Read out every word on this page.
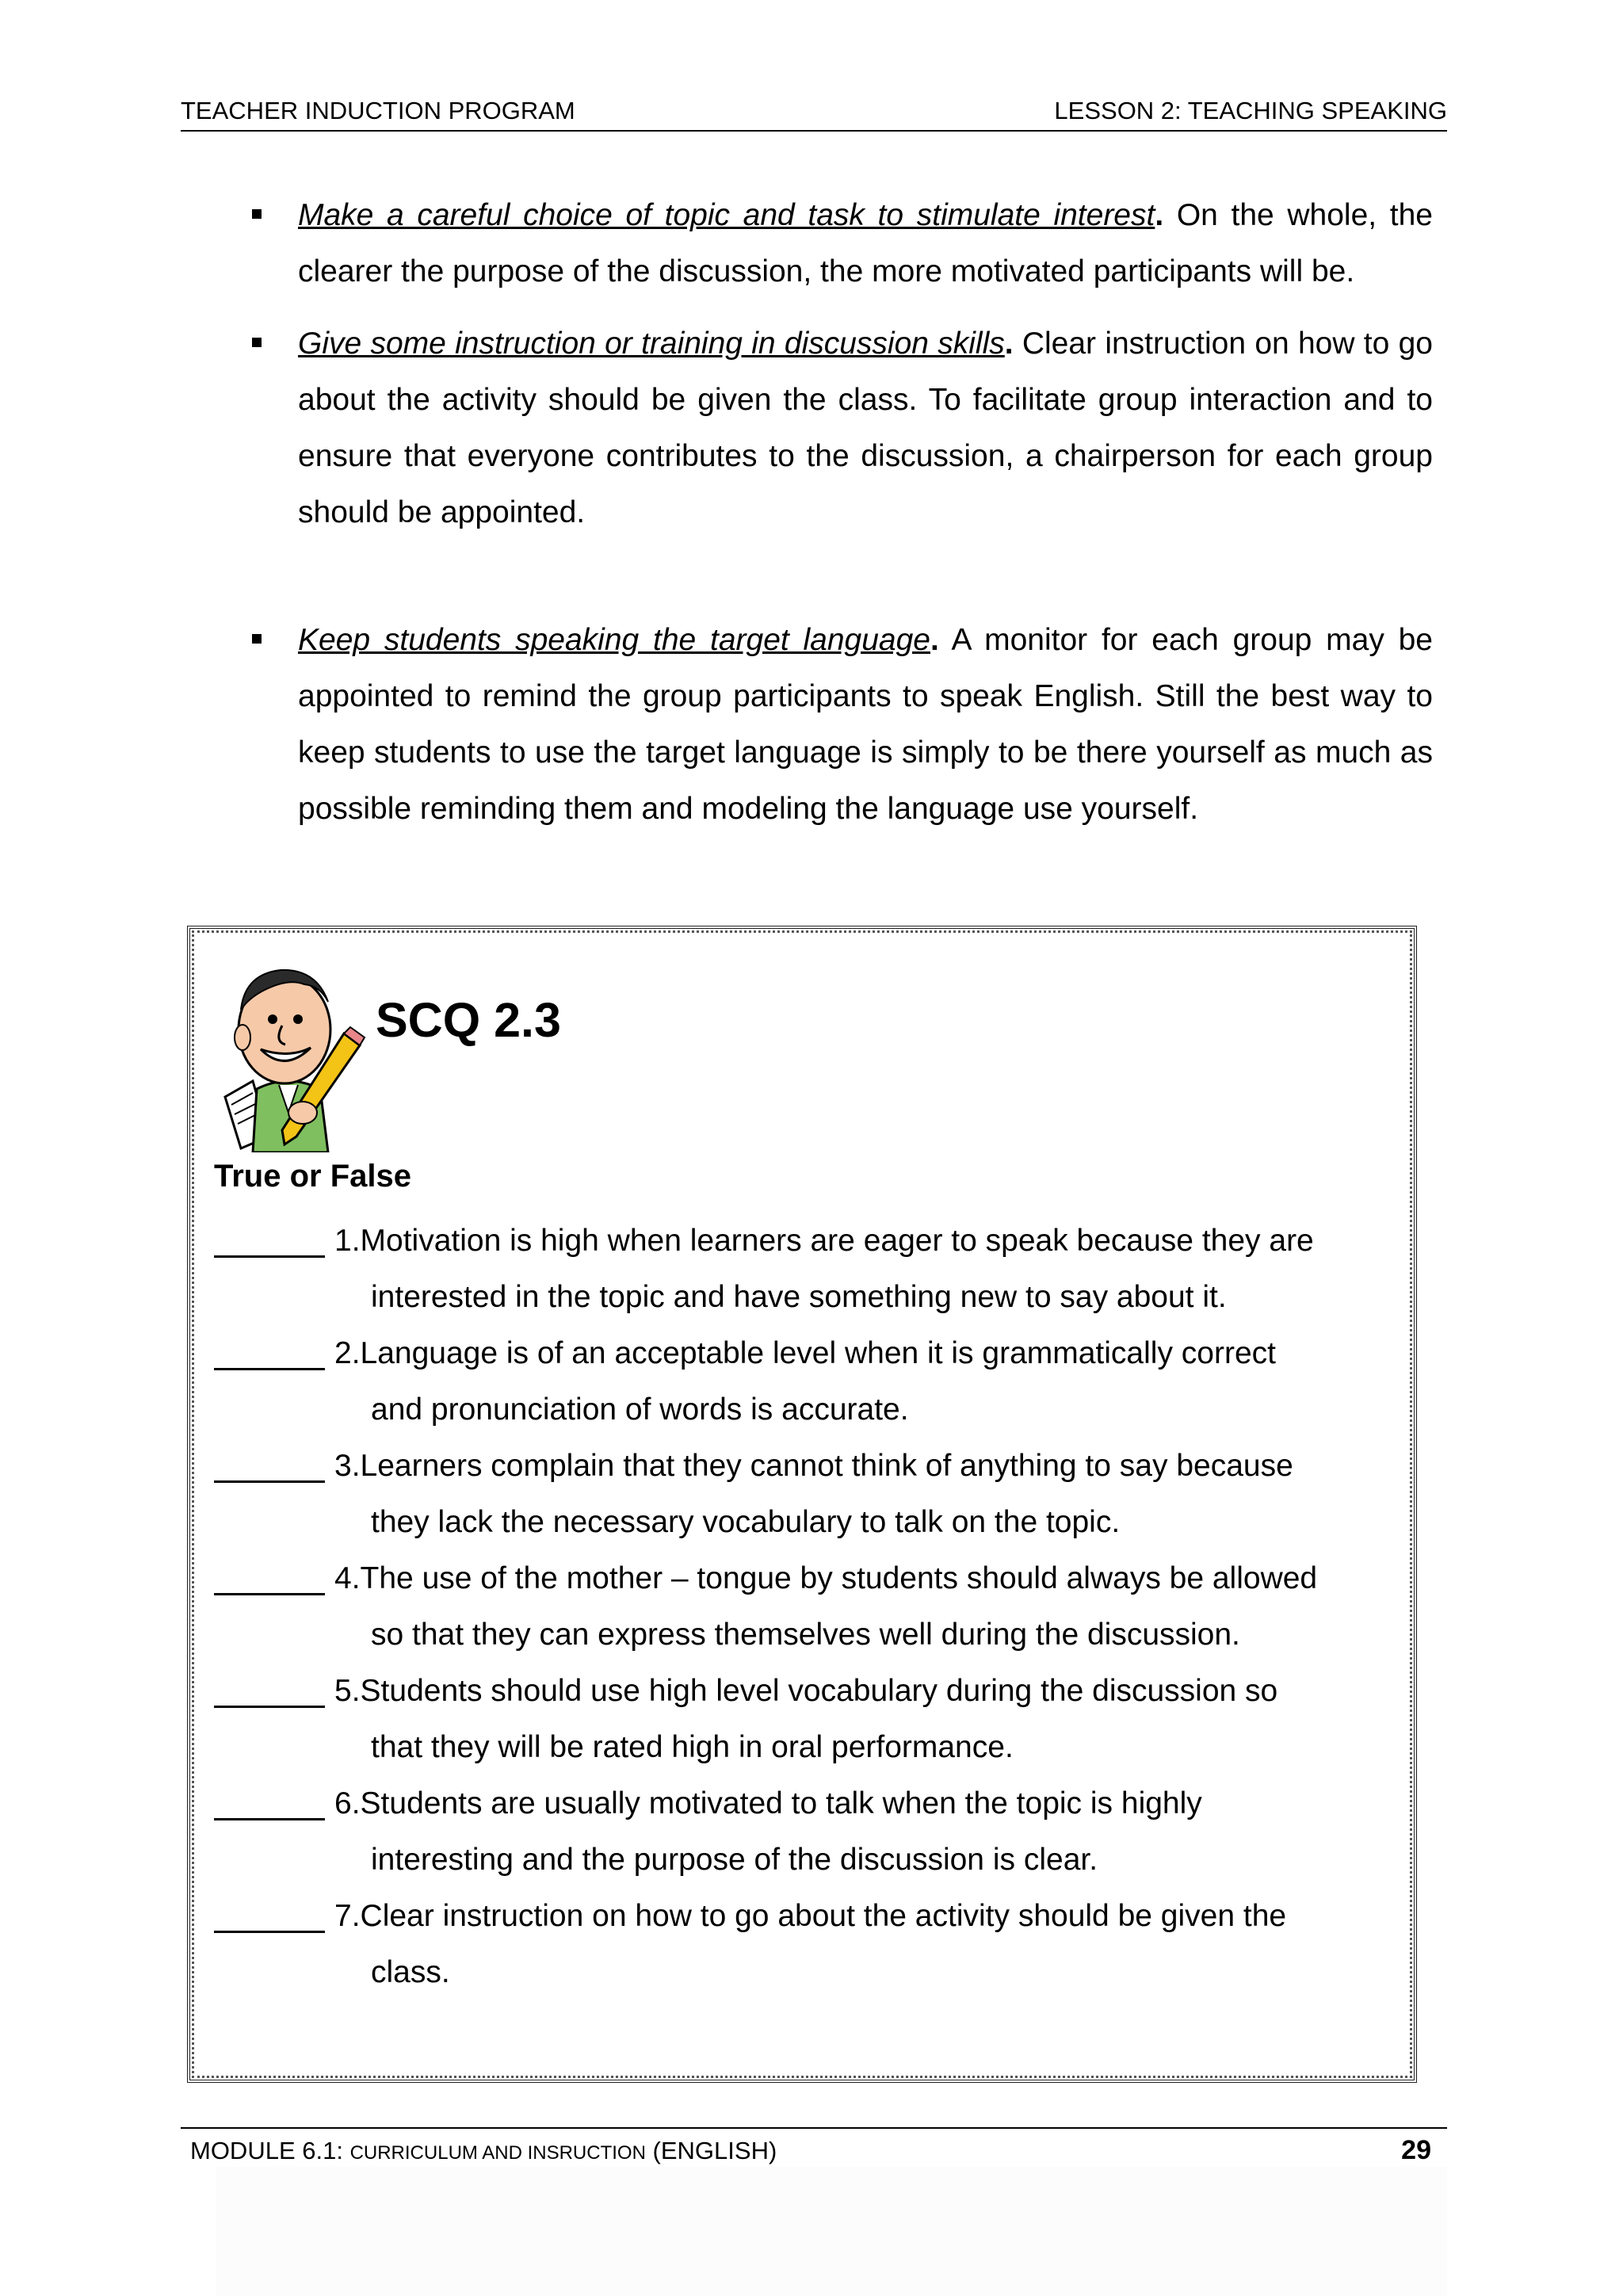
TEACHER INDUCTION PROGRAM	LESSON 2: TEACHING SPEAKING
Make a careful choice of topic and task to stimulate interest. On the whole, the clearer the purpose of the discussion, the more motivated participants will be.
Give some instruction or training in discussion skills. Clear instruction on how to go about the activity should be given the class. To facilitate group interaction and to ensure that everyone contributes to the discussion, a chairperson for each group should be appointed.
Keep students speaking the target language. A monitor for each group may be appointed to remind the group participants to speak English. Still the best way to keep students to use the target language is simply to be there yourself as much as possible reminding them and modeling the language use yourself.
SCQ 2.3
True or False
1.Motivation is high when learners are eager to speak because they are
interested in the topic and have something new to say about it.
2.Language is of an acceptable level when it is grammatically correct
and pronunciation of words is accurate.
3.Learners complain that they cannot think of anything to say because
they lack the necessary vocabulary to talk on the topic.
4.The use of the mother – tongue by students should always be allowed
so that they can express themselves well during the discussion.
5.Students should use high level vocabulary during the discussion so
that they will be rated high in oral performance.
6.Students are usually motivated to talk when the topic is highly
interesting and the purpose of the discussion is clear.
7.Clear instruction on how to go about the activity should be given the
class.
MODULE 6.1: CURRICULUM AND INSRUCTION (ENGLISH)	29
